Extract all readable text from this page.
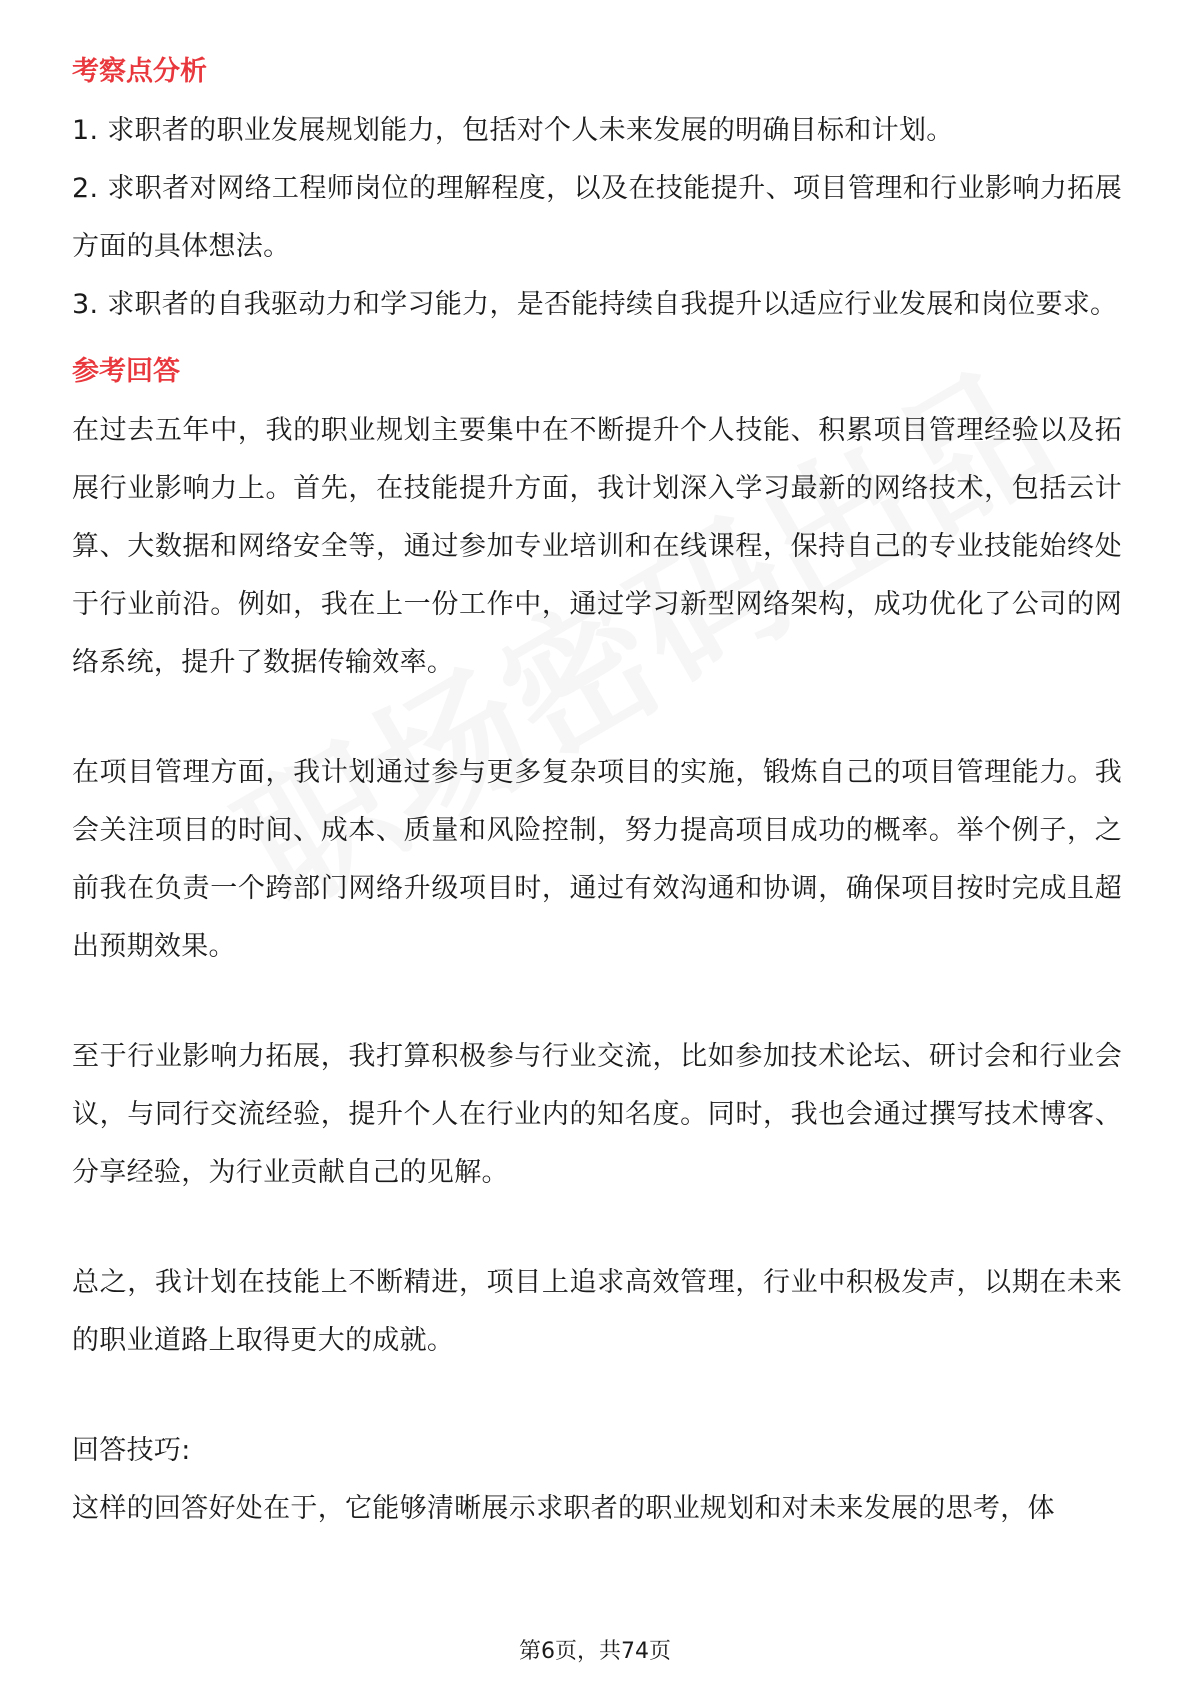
考察点分析

1. 求职者的职业发展规划能力，包括对个人未来发展的明确目标和计划。

2. 求职者对网络工程师岗位的理解程度，以及在技能提升、项目管理和行业影响力拓展方面的具体想法。

3. 求职者的自我驱动力和学习能力，是否能持续自我提升以适应行业发展和岗位要求。

参考回答

在过去五年中，我的职业规划主要集中在不断提升个人技能、积累项目管理经验以及拓展行业影响力上。首先，在技能提升方面，我计划深入学习最新的网络技术，包括云计算、大数据和网络安全等，通过参加专业培训和在线课程，保持自己的专业技能始终处于行业前沿。例如，我在上一份工作中，通过学习新型网络架构，成功优化了公司的网络系统，提升了数据传输效率。

在项目管理方面，我计划通过参与更多复杂项目的实施，锻炼自己的项目管理能力。我会关注项目的时间、成本、质量和风险控制，努力提高项目成功的概率。举个例子，之前我在负责一个跨部门网络升级项目时，通过有效沟通和协调，确保项目按时完成且超出预期效果。

至于行业影响力拓展，我打算积极参与行业交流，比如参加技术论坛、研讨会和行业会议，与同行交流经验，提升个人在行业内的知名度。同时，我也会通过撰写技术博客、分享经验，为行业贡献自己的见解。

总之，我计划在技能上不断精进，项目上追求高效管理，行业中积极发声，以期在未来的职业道路上取得更大的成就。

回答技巧:

这样的回答好处在于，它能够清晰展示求职者的职业规划和对未来发展的思考，体

第6页，共74页
